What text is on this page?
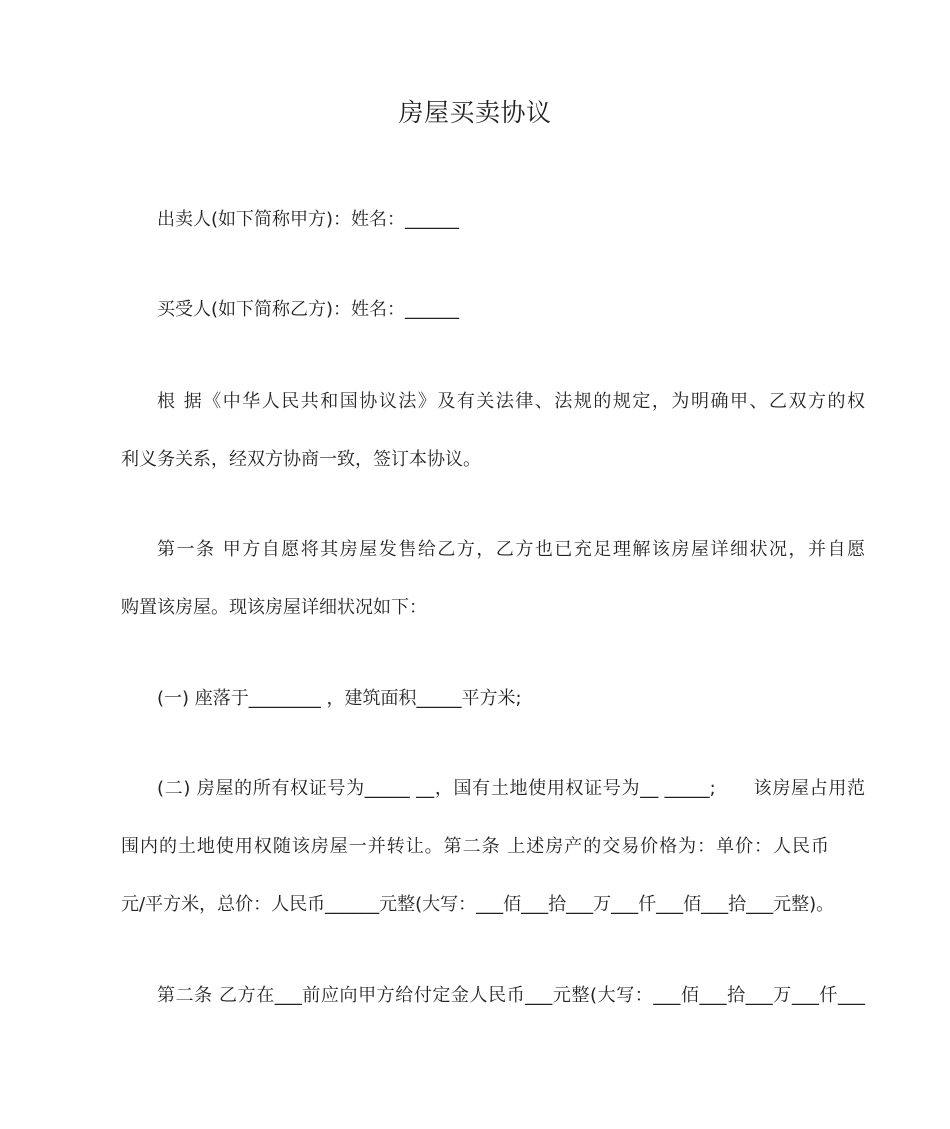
房屋买卖协议
出卖人(如下简称甲方)：姓名：______
买受人(如下简称乙方)：姓名：______
根 据《中华人民共和国协议法》及有关法律、法规的规定，为明确甲、乙双方的权
利义务关系，经双方协商一致，签订本协议。
第一条 甲方自愿将其房屋发售给乙方，乙方也已充足理解该房屋详细状况，并自愿
购置该房屋。现该房屋详细状况如下：
(一) 座落于________ ，建筑面积_____平方米;
(二) 房屋的所有权证号为_____ __，国有土地使用权证号为__ _____;　　该房屋占用范
围内的土地使用权随该房屋一并转让。第二条 上述房产的交易价格为：单价：人民币
元/平方米，总价：人民币______元整(大写：___佰___拾___万___仟___佰___拾___元整)。
第二条 乙方在___前应向甲方给付定金人民币___元整(大写：___佰___拾___万___仟___
